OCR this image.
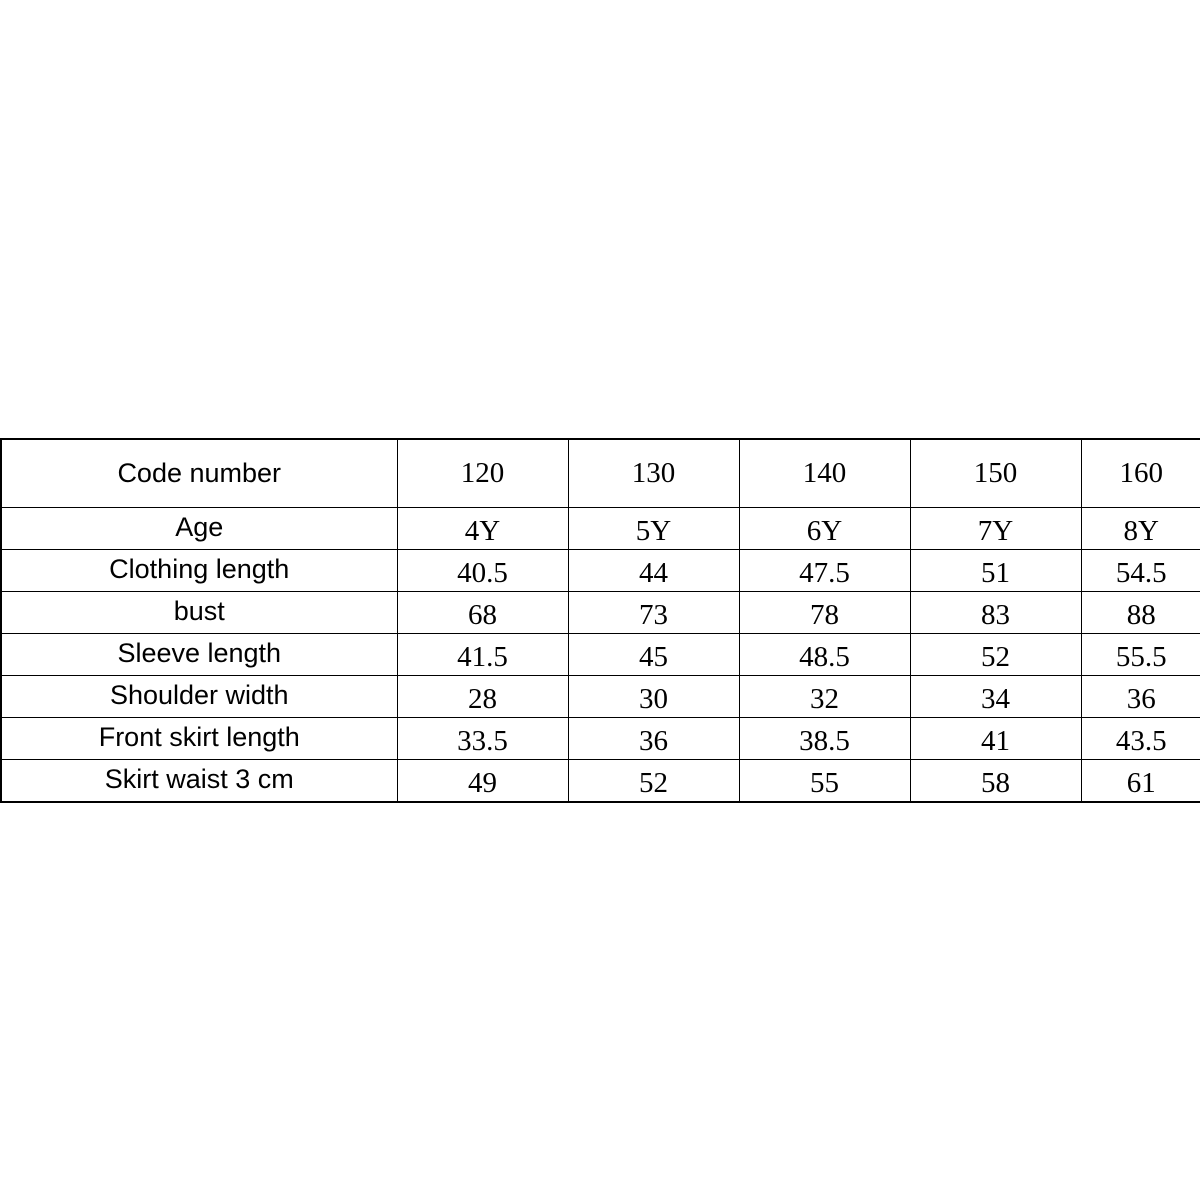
Code number	120	130	140	150	160
Age	4Y	5Y	6Y	7Y	8Y
Clothing length	40.5	44	47.5	51	54.5
bust	68	73	78	83	88
Sleeve length	41.5	45	48.5	52	55.5
Shoulder width	28	30	32	34	36
Front skirt length	33.5	36	38.5	41	43.5
Skirt waist 3 cm	49	52	55	58	61
